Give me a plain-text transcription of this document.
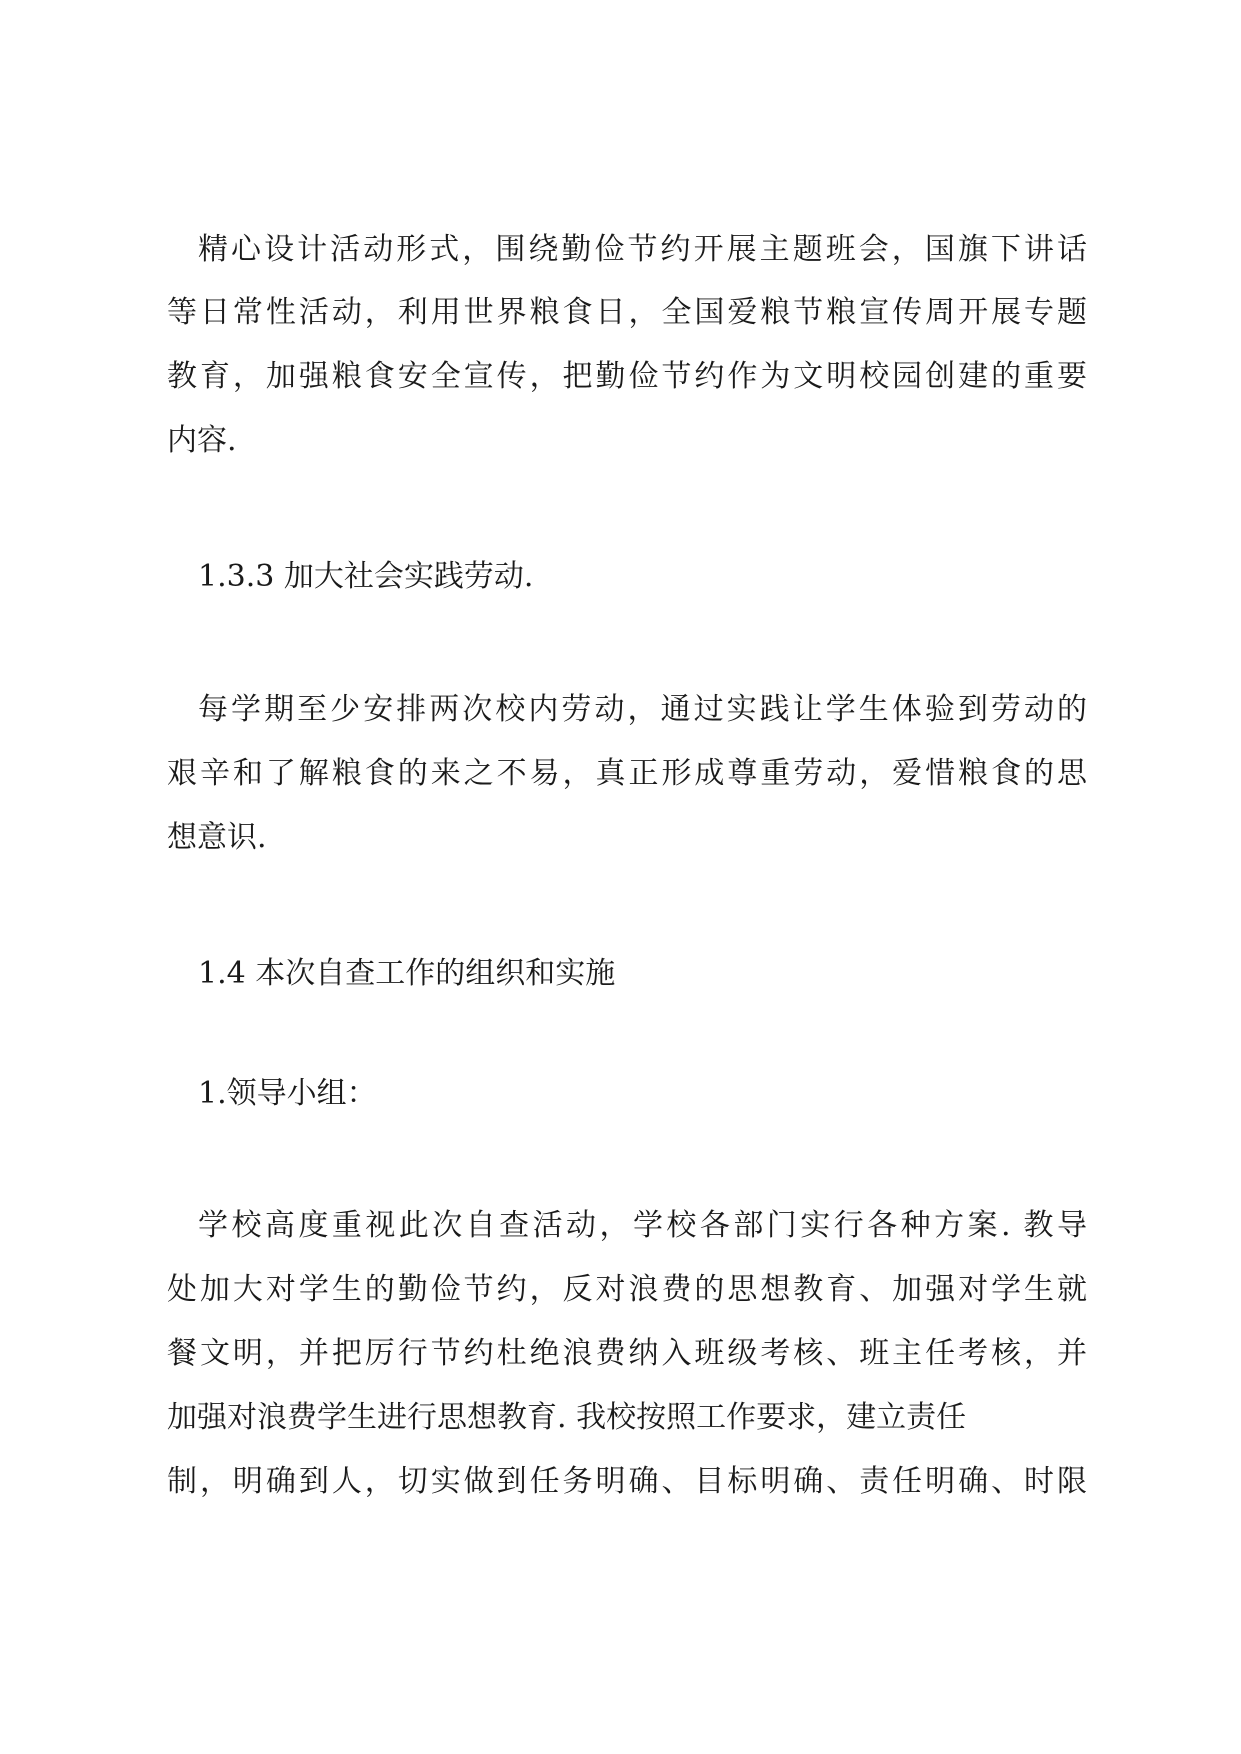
精心设计活动形式，围绕勤俭节约开展主题班会，国旗下讲话
等日常性活动，利用世界粮食日，全国爱粮节粮宣传周开展专题
教育，加强粮食安全宣传，把勤俭节约作为文明校园创建的重要
内容.
1.3.3 加大社会实践劳动.
每学期至少安排两次校内劳动，通过实践让学生体验到劳动的
艰辛和了解粮食的来之不易，真正形成尊重劳动，爱惜粮食的思
想意识.
1.4 本次自查工作的组织和实施
1.领导小组：
学校高度重视此次自查活动，学校各部门实行各种方案. 教导
处加大对学生的勤俭节约，反对浪费的思想教育、加强对学生就
餐文明，并把厉行节约杜绝浪费纳入班级考核、班主任考核，并
加强对浪费学生进行思想教育. 我校按照工作要求，建立责任
制，明确到人，切实做到任务明确、目标明确、责任明确、时限
